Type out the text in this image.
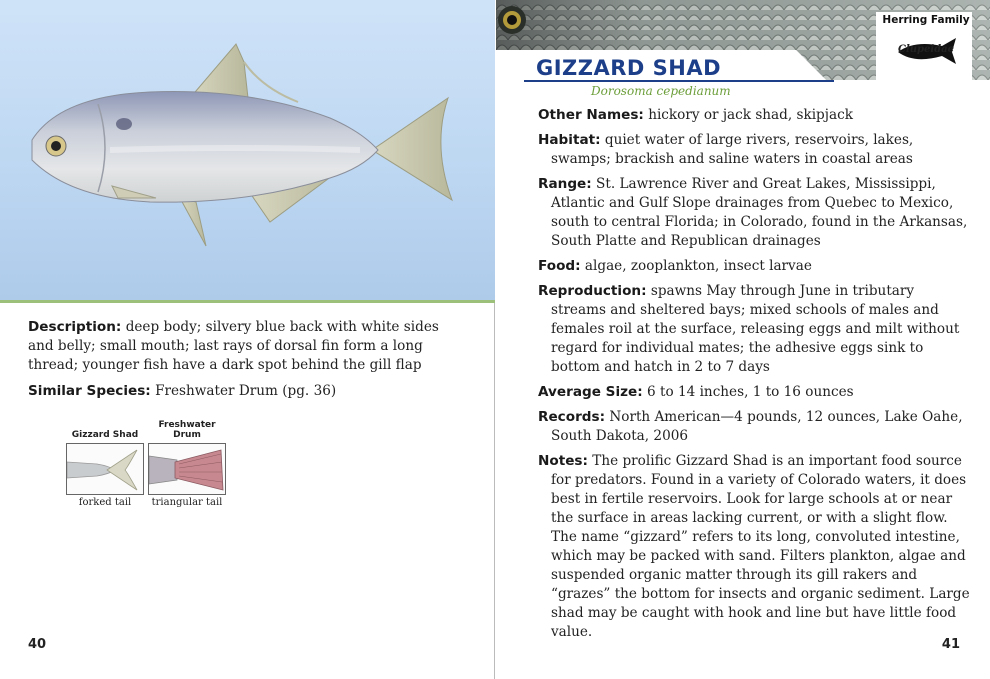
Description: deep body; silvery blue back with white sides and belly; small mouth; last rays of dorsal fin form a long thread; younger fish have a dark spot behind the gill flap

Similar Species: Freshwater Drum (pg. 36)

Gizzard Shad
forked tail
Freshwater Drum
triangular tail
40
Herring Family
Clupeidae
GIZZARD SHAD
Dorosoma cepedianum

Other Names: hickory or jack shad, skipjack

Habitat: quiet water of large rivers, reservoirs, lakes, swamps; brackish and saline waters in coastal areas

Range: St. Lawrence River and Great Lakes, Mississippi, Atlantic and Gulf Slope drainages from Quebec to Mexico, south to central Florida; in Colorado, found in the Arkansas, South Platte and Republican drainages

Food: algae, zooplankton, insect larvae

Reproduction: spawns May through June in tributary streams and sheltered bays; mixed schools of males and females roil at the surface, releasing eggs and milt without regard for individual mates; the adhesive eggs sink to bottom and hatch in 2 to 7 days

Average Size: 6 to 14 inches, 1 to 16 ounces

Records: North American—4 pounds, 12 ounces, Lake Oahe, South Dakota, 2006

Notes: The prolific Gizzard Shad is an important food source for predators. Found in a variety of Colorado waters, it does best in fertile reservoirs. Look for large schools at or near the surface in areas lacking current, or with a slight flow. The name “gizzard” refers to its long, convoluted intestine, which may be packed with sand. Filters plankton, algae and suspended organic matter through its gill rakers and “grazes” the bottom for insects and organic sediment. Large shad may be caught with hook and line but have little food value.

41
